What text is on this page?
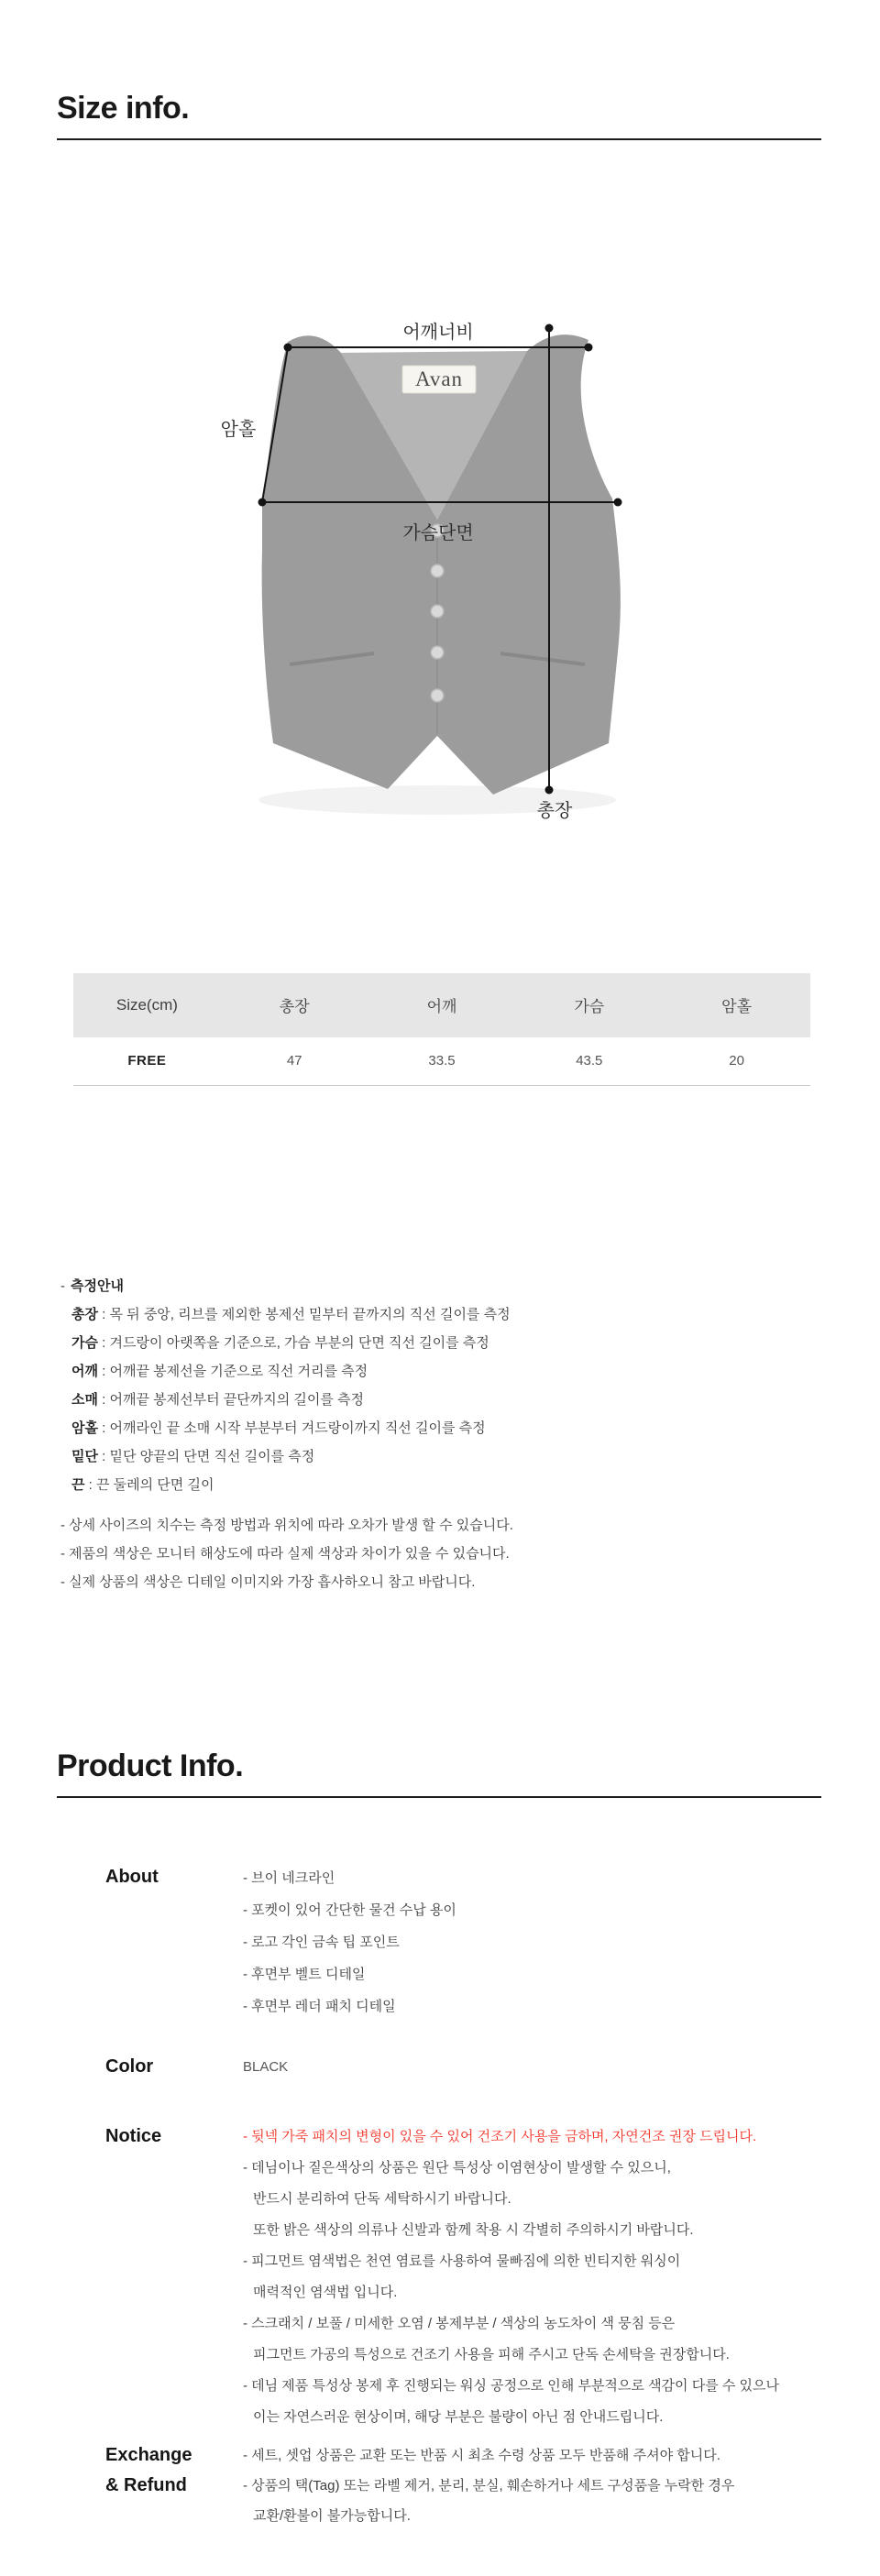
Size info.
Avan
어깨너비
암홀
가슴단면
총장
Size(cm)	총장	어깨	가슴	암홀
FREE	47	33.5	43.5	20
- 측정안내
총장 : 목 뒤 중앙, 리브를 제외한 봉제선 밑부터 끝까지의 직선 길이를 측정
가슴 : 겨드랑이 아랫쪽을 기준으로, 가슴 부분의 단면 직선 길이를 측정
어깨 : 어깨끝 봉제선을 기준으로 직선 거리를 측정
소매 : 어깨끝 봉제선부터 끝단까지의 길이를 측정
암홀 : 어깨라인 끝 소매 시작 부분부터 겨드랑이까지 직선 길이를 측정
밑단 : 밑단 양끝의 단면 직선 길이를 측정
끈 : 끈 둘레의 단면 길이
- 상세 사이즈의 치수는 측정 방법과 위치에 따라 오차가 발생 할 수 있습니다.
- 제품의 색상은 모니터 해상도에 따라 실제 색상과 차이가 있을 수 있습니다.
- 실제 상품의 색상은 디테일 이미지와 가장 흡사하오니 참고 바랍니다.
Product Info.
About	- 브이 네크라인
- 포켓이 있어 간단한 물건 수납 용이
- 로고 각인 금속 팁 포인트
- 후면부 벨트 디테일
- 후면부 레더 패치 디테일
Color	BLACK
Notice	- 뒷넥 가죽 패치의 변형이 있을 수 있어 건조기 사용을 금하며, 자연건조 권장 드립니다.
- 데님이나 짙은색상의 상품은 원단 특성상 이염현상이 발생할 수 있으니,
반드시 분리하여 단독 세탁하시기 바랍니다.
또한 밝은 색상의 의류나 신발과 함께 착용 시 각별히 주의하시기 바랍니다.
- 피그먼트 염색법은 천연 염료를 사용하여 물빠짐에 의한 빈티지한 워싱이
매력적인 염색법 입니다.
- 스크래치 / 보풀 / 미세한 오염 / 봉제부분 / 색상의 농도차이 색 뭉침 등은
피그먼트 가공의 특성으로 건조기 사용을 피해 주시고 단독 손세탁을 권장합니다.
- 데님 제품 특성상 봉제 후 진행되는 워싱 공정으로 인해 부분적으로 색감이 다를 수 있으나
이는 자연스러운 현상이며, 해당 부분은 불량이 아닌 점 안내드립니다.
Exchange
& Refund
- 세트, 셋업 상품은 교환 또는 반품 시 최초 수령 상품 모두 반품해 주셔야 합니다.
- 상품의 택(Tag) 또는 라벨 제거, 분리, 분실, 훼손하거나 세트 구성품을 누락한 경우
교환/환불이 불가능합니다.
